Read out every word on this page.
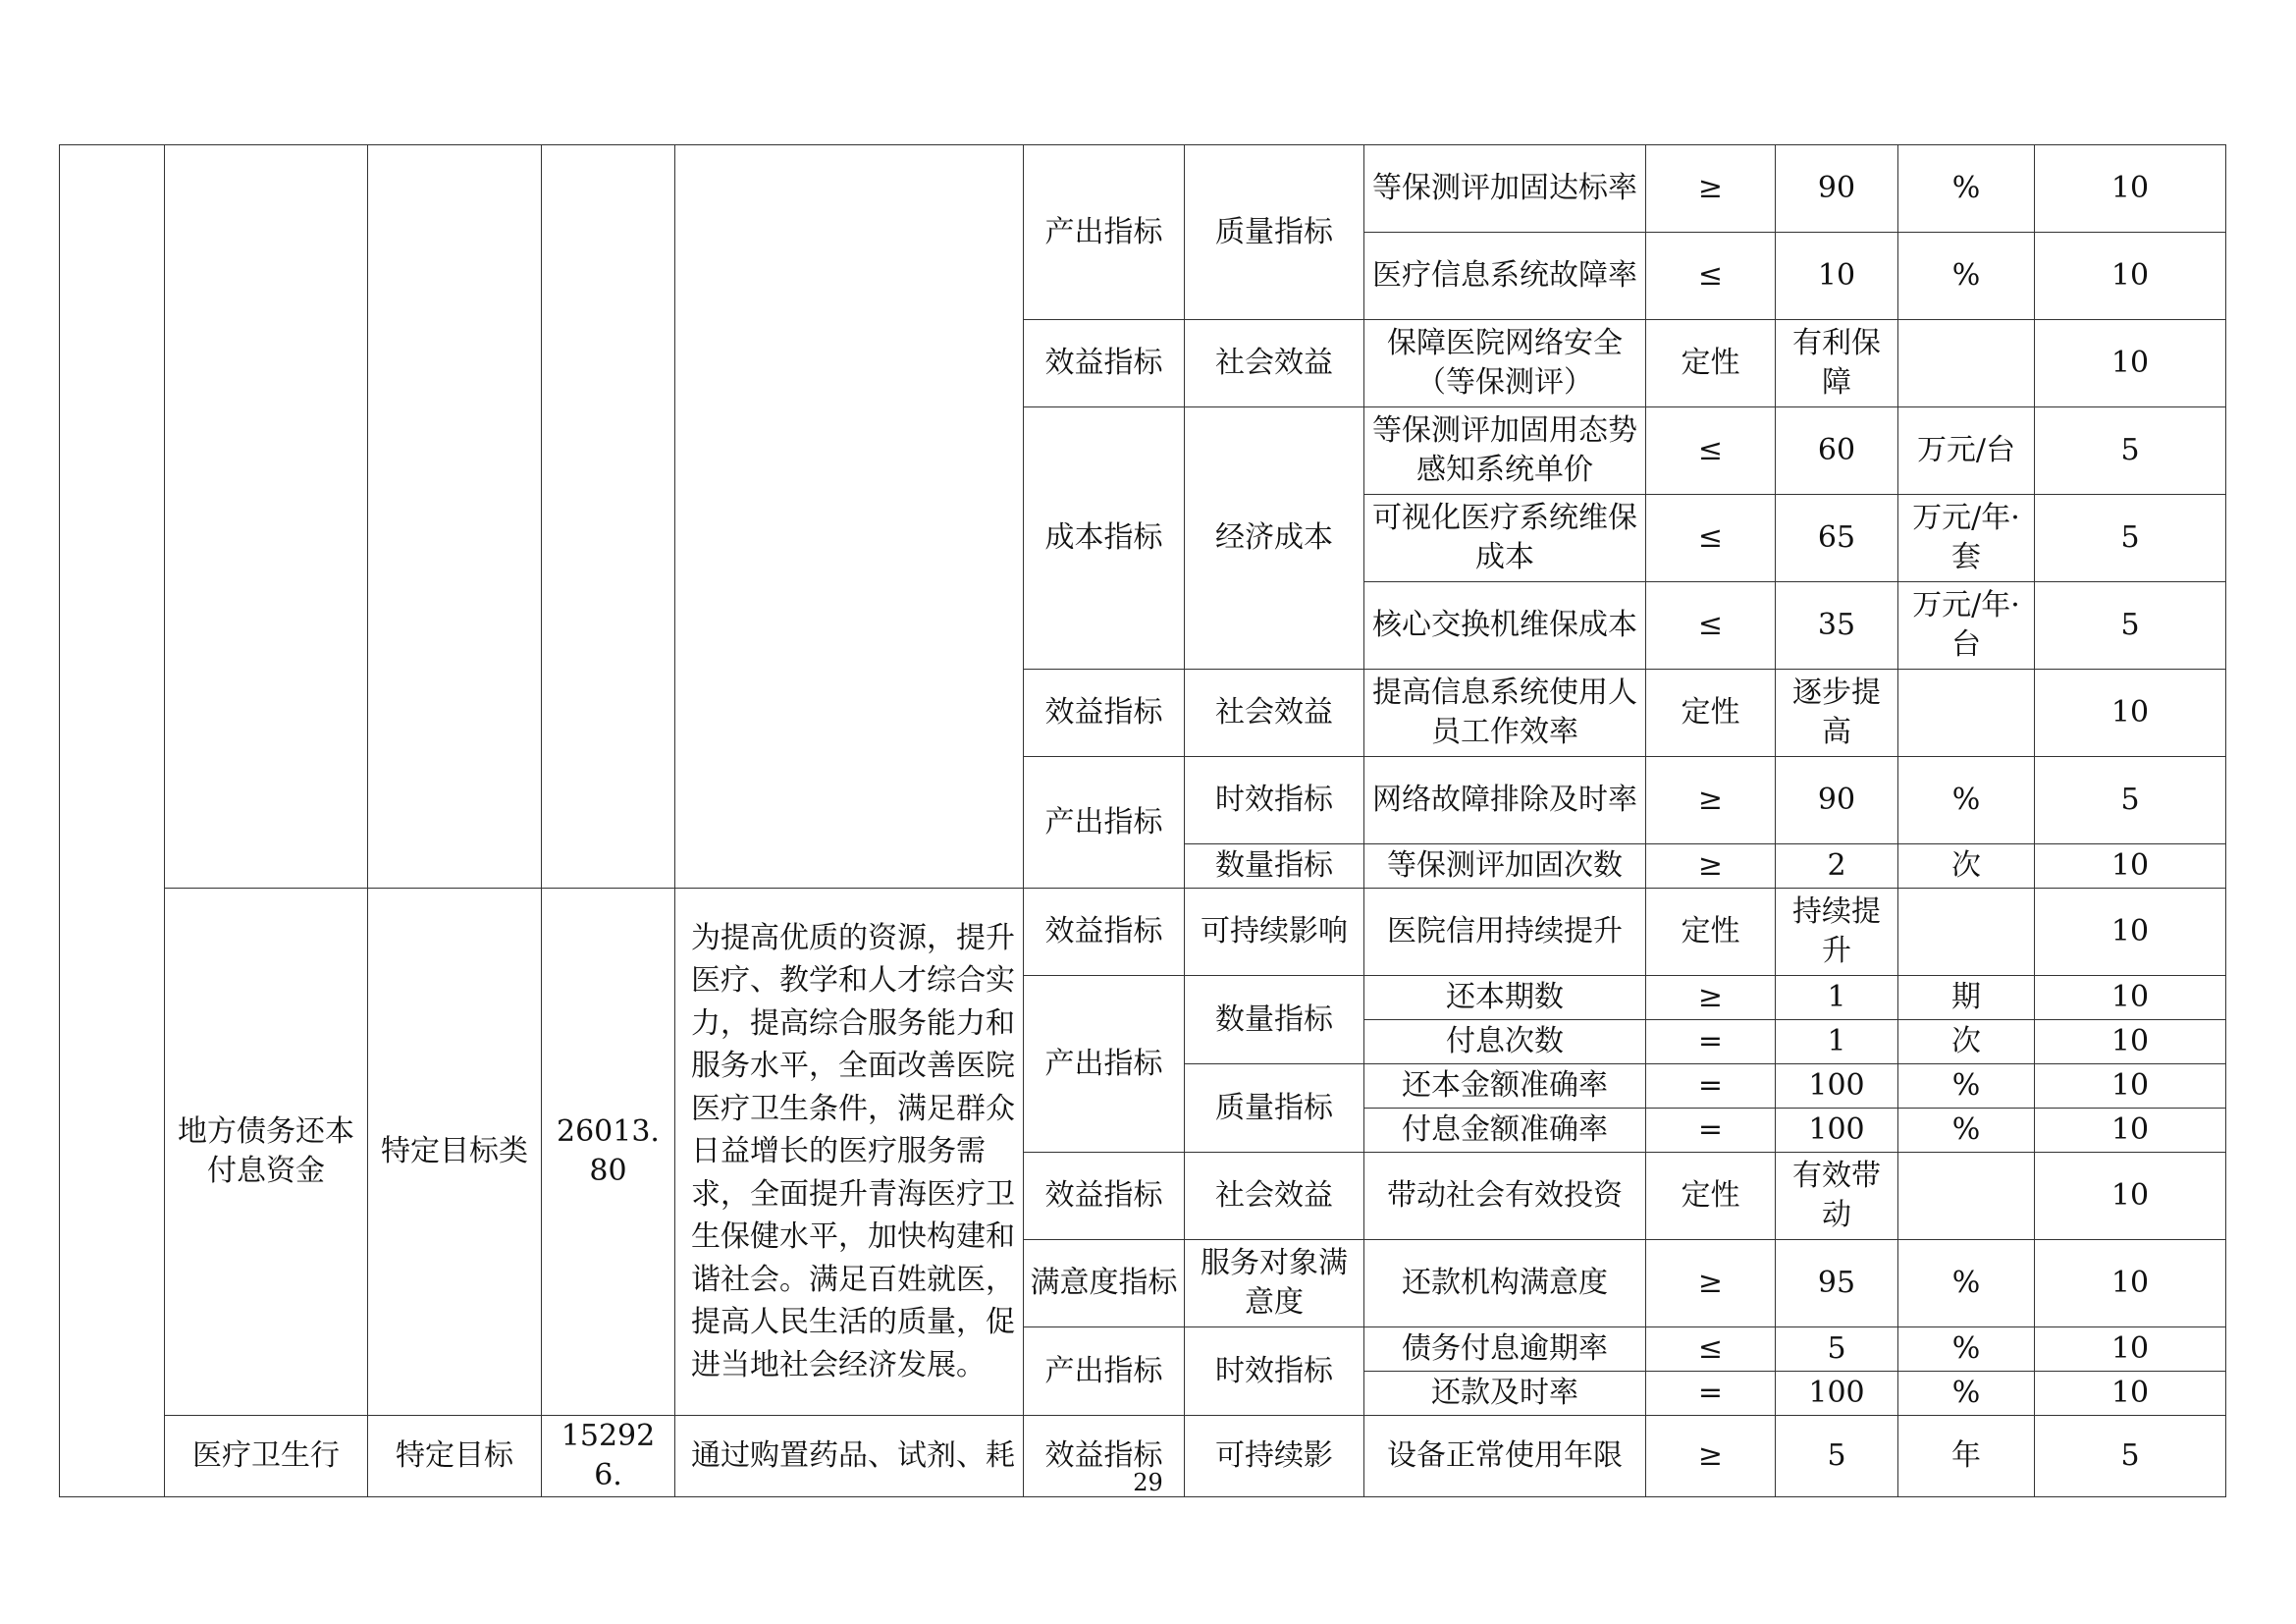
					产出指标	质量指标	等保测评加固达标率	≥	90	%	10
							医疗信息系统故障率	≤	10	%	10
					效益指标	社会效益	保障医院网络安全（等保测评）	定性	有利保障		10
					成本指标	经济成本	等保测评加固用态势感知系统单价	≤	60	万元/台	5
							可视化医疗系统维保成本	≤	65	万元/年·套	5
							核心交换机维保成本	≤	35	万元/年·台	5
					效益指标	社会效益	提高信息系统使用人员工作效率	定性	逐步提高		10
					产出指标	时效指标	网络故障排除及时率	≥	90	%	5
						数量指标	等保测评加固次数	≥	2	次	10
	地方债务还本付息资金	特定目标类	26013.80	为提高优质的资源，提升医疗、教学和人才综合实力，提高综合服务能力和服务水平，全面改善医院医疗卫生条件，满足群众日益增长的医疗服务需求，全面提升青海医疗卫生保健水平，加快构建和谐社会。满足百姓就医，提高人民生活的质量，促进当地社会经济发展。	效益指标	可持续影响	医院信用持续提升	定性	持续提升		10
					产出指标	数量指标	还本期数	≥	1	期	10
							付息次数	=	1	次	10
						质量指标	还本金额准确率	=	100	%	10
							付息金额准确率	=	100	%	10
					效益指标	社会效益	带动社会有效投资	定性	有效带动		10
					满意度指标	服务对象满意度	还款机构满意度	≥	95	%	10
					产出指标	时效指标	债务付息逾期率	≤	5	%	10
							还款及时率	=	100	%	10
	医疗卫生行	特定目标	152926.	通过购置药品、试剂、耗	效益指标	可持续影	设备正常使用年限	≥	5	年	5
29
